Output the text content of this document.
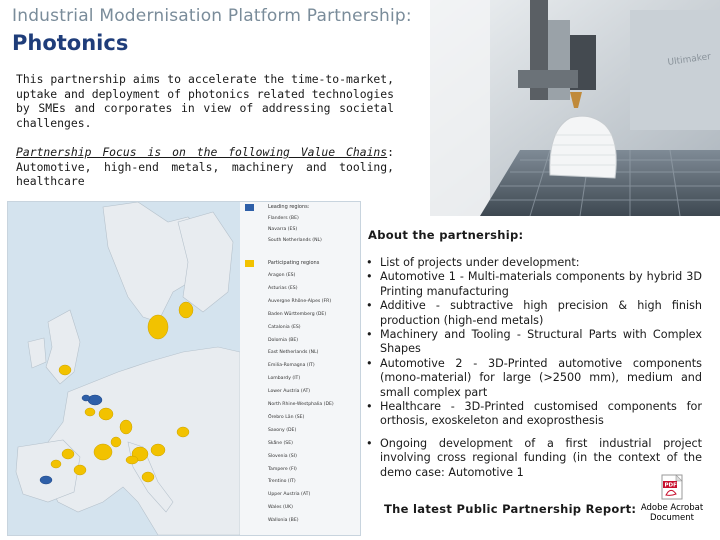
Industrial Modernisation Platform Partnership:
Photonics
This partnership aims to accelerate the time-to-market, uptake and deployment of photonics related technologies by SMEs and corporates in view of addressing societal challenges.
Partnership Focus is on the following Value Chains: Automotive, high-end metals, machinery and tooling, healthcare
Ultimaker
Leading regions:
Flanders (BE)
Navarra (ES)
South Netherlands (NL)
Participating regions
Aragon (ES)
Asturias (ES)
Auvergne Rhône-Alpes (FR)
Baden Württemberg (DE)
Catalonia (ES)
Dolomia (BE)
East Netherlands (NL)
Emilia-Romagna (IT)
Lombardy (IT)
Lower Austria (AT)
North Rhine-Westphalia (DE)
Örebro Län (SE)
Saxony (DE)
Skåne (SE)
Slovenia (SI)
Tampere (FI)
Trentino (IT)
Upper Austria (AT)
Wales (UK)
Wallonia (BE)
About the partnership:
• List of projects under development:
• Automotive 1 - Multi-materials components by hybrid 3D Printing manufacturing
• Additive - subtractive high precision & high finish production (high-end metals)
• Machinery and Tooling - Structural Parts with Complex Shapes
• Automotive 2 - 3D-Printed automotive components (mono-material) for large (>2500 mm), medium and small complex part
• Healthcare - 3D-Printed customised components for orthosis, exoskeleton and exoprosthesis
• Ongoing development of a first industrial project involving cross regional funding (in the context of the demo case: Automotive 1
The latest Public Partnership Report:
PDF
Adobe Acrobat Document
